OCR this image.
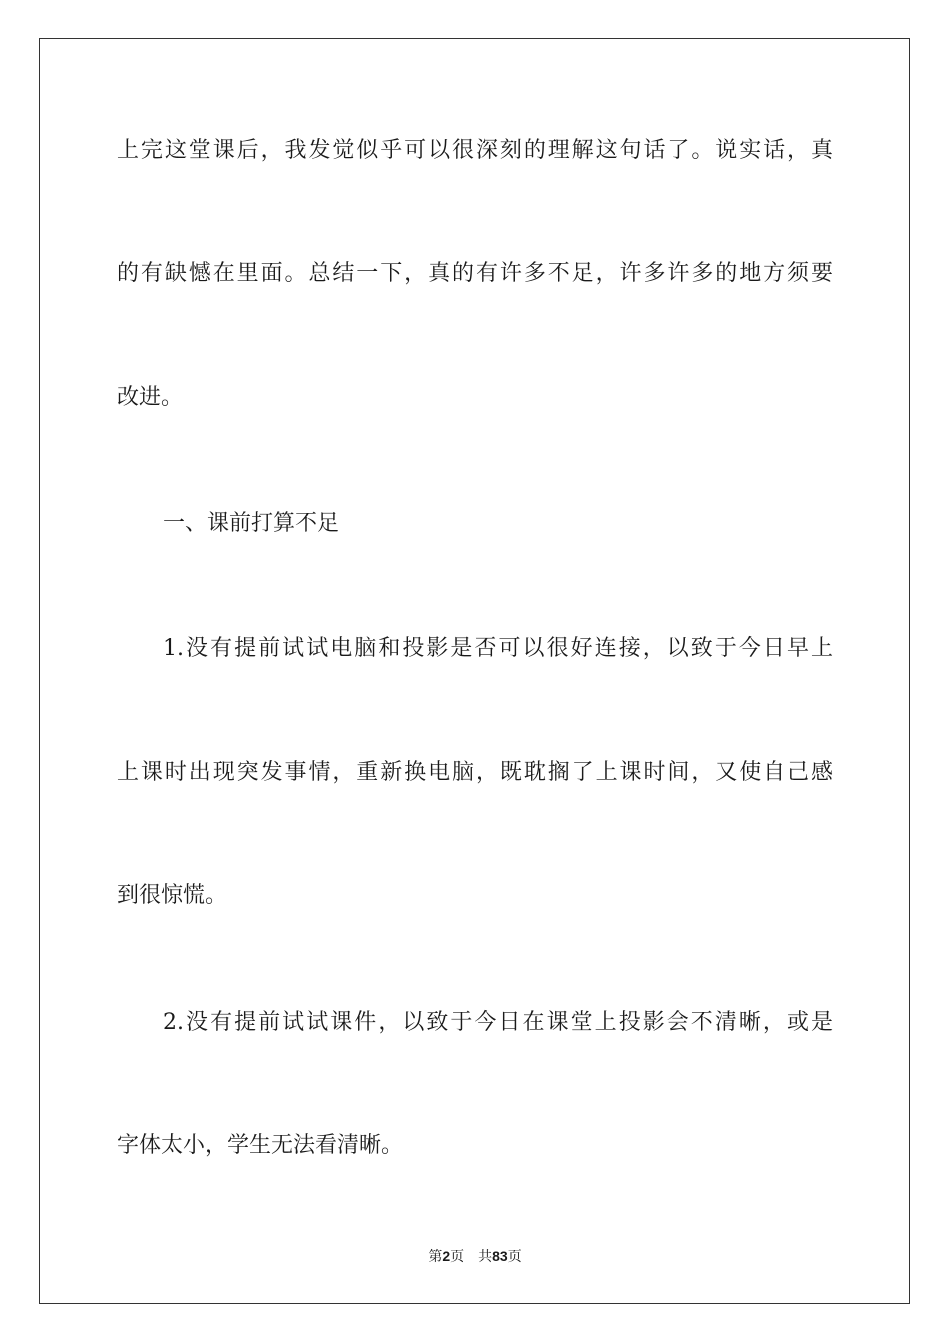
上完这堂课后，我发觉似乎可以很深刻的理解这句话了。说实话，真
的有缺憾在里面。总结一下，真的有许多不足，许多许多的地方须要
改进。
一、课前打算不足
1.没有提前试试电脑和投影是否可以很好连接，以致于今日早上
上课时出现突发事情，重新换电脑，既耽搁了上课时间，又使自己感
到很惊慌。
2.没有提前试试课件，以致于今日在课堂上投影会不清晰，或是
字体太小，学生无法看清晰。
第2页 共83页
